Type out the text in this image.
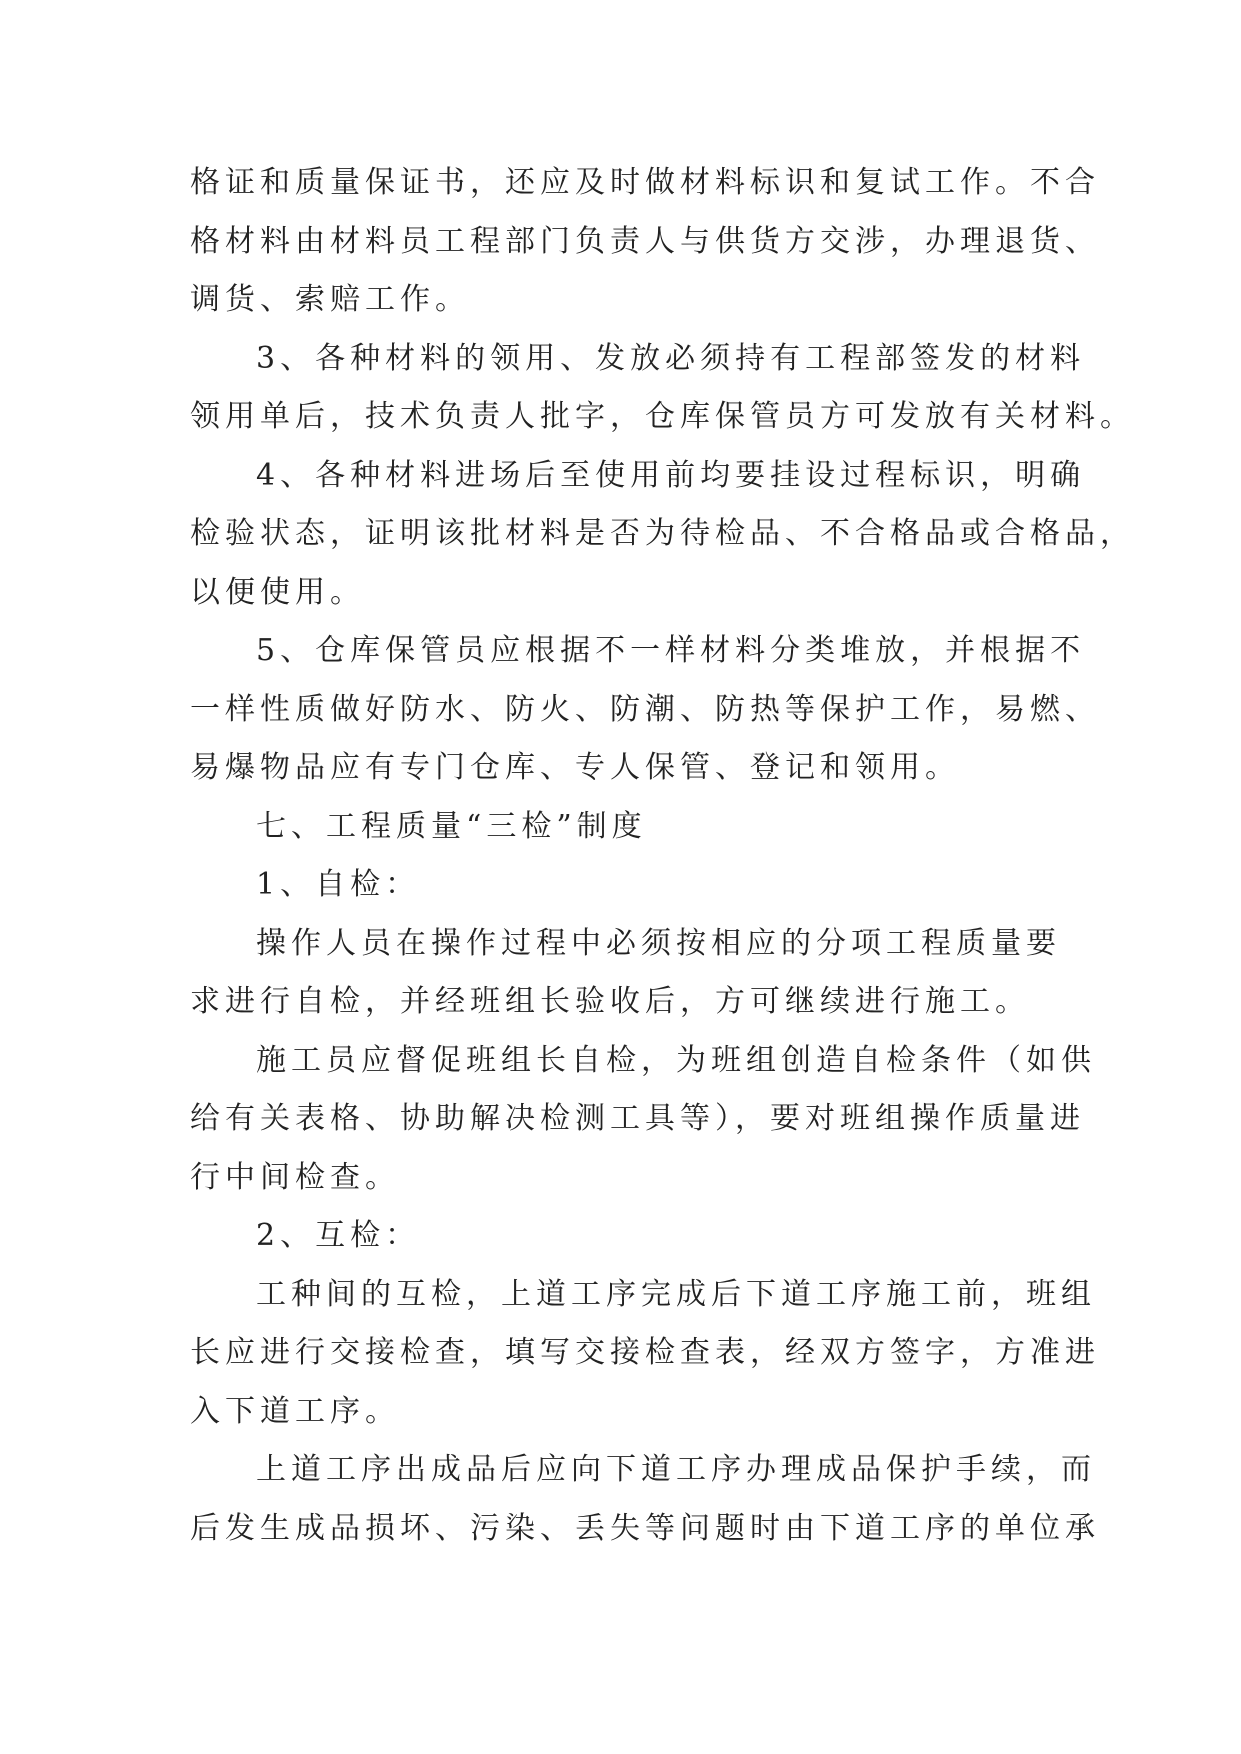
格证和质量保证书，还应及时做材料标识和复试工作。不合
格材料由材料员工程部门负责人与供货方交涉，办理退货、
调货、索赔工作。
3、各种材料的领用、发放必须持有工程部签发的材料
领用单后，技术负责人批字，仓库保管员方可发放有关材料。
4、各种材料进场后至使用前均要挂设过程标识，明确
检验状态，证明该批材料是否为待检品、不合格品或合格品，
以便使用。
5、仓库保管员应根据不一样材料分类堆放，并根据不
一样性质做好防水、防火、防潮、防热等保护工作，易燃、
易爆物品应有专门仓库、专人保管、登记和领用。
七、工程质量“三检”制度
1、自检：
操作人员在操作过程中必须按相应的分项工程质量要
求进行自检，并经班组长验收后，方可继续进行施工。
施工员应督促班组长自检，为班组创造自检条件（如供
给有关表格、协助解决检测工具等），要对班组操作质量进
行中间检查。
2、互检：
工种间的互检，上道工序完成后下道工序施工前，班组
长应进行交接检查，填写交接检查表，经双方签字，方准进
入下道工序。
上道工序出成品后应向下道工序办理成品保护手续，而
后发生成品损坏、污染、丢失等问题时由下道工序的单位承
